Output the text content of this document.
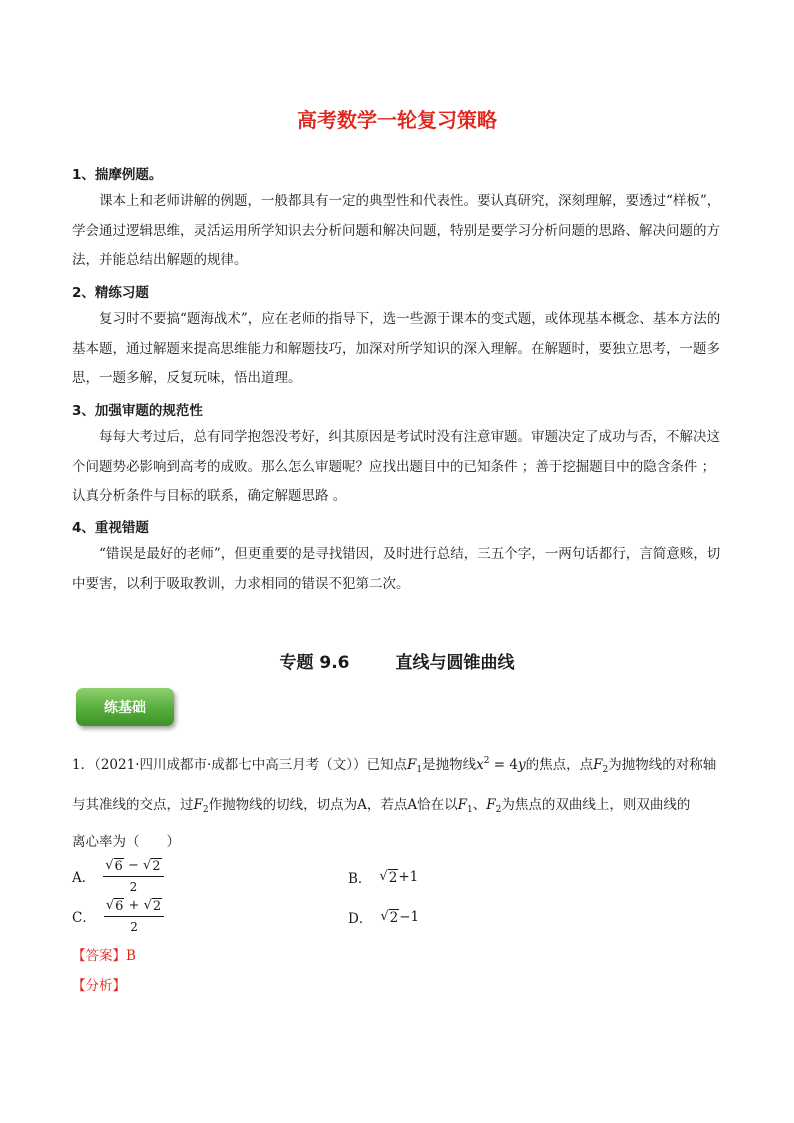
高考数学一轮复习策略
1、揣摩例题。
课本上和老师讲解的例题，一般都具有一定的典型性和代表性。要认真研究，深刻理解，要透过“样板”，学会通过逻辑思维，灵活运用所学知识去分析问题和解决问题，特别是要学习分析问题的思路、解决问题的方法，并能总结出解题的规律。
2、精练习题
复习时不要搞“题海战术”，应在老师的指导下，选一些源于课本的变式题，或体现基本概念、基本方法的基本题，通过解题来提高思维能力和解题技巧，加深对所学知识的深入理解。在解题时，要独立思考，一题多思，一题多解，反复玩味，悟出道理。
3、加强审题的规范性
每每大考过后，总有同学抱怨没考好，纠其原因是考试时没有注意审题。审题决定了成功与否，不解决这个问题势必影响到高考的成败。那么怎么审题呢？应找出题目中的已知条件 ；善于挖掘题目中的隐含条件 ；认真分析条件与目标的联系，确定解题思路 。
4、重视错题
“错误是最好的老师”，但更重要的是寻找错因，及时进行总结，三五个字，一两句话都行，言简意赅，切中要害，以利于吸取教训，力求相同的错误不犯第二次。
专题 9.6	直线与圆锥曲线
练基础
1．（2021·四川成都市·成都七中高三月考（文））已知点$F_1$是抛物线$x^2 = 4y$的焦点，点$F_2$为抛物线的对称轴
与其准线的交点，过$F_2$作抛物线的切线，切点为A，若点A恰在以$F_1$、$F_2$为焦点的双曲线上，则双曲线的
离心率为（　　）
A． $\frac{√ 6 - √ 2}{2}$	B． √ 2 +1
C． $\frac{√ 6 + √ 2}{2}$	D． √ 2 −1
【答案】B
【分析】
